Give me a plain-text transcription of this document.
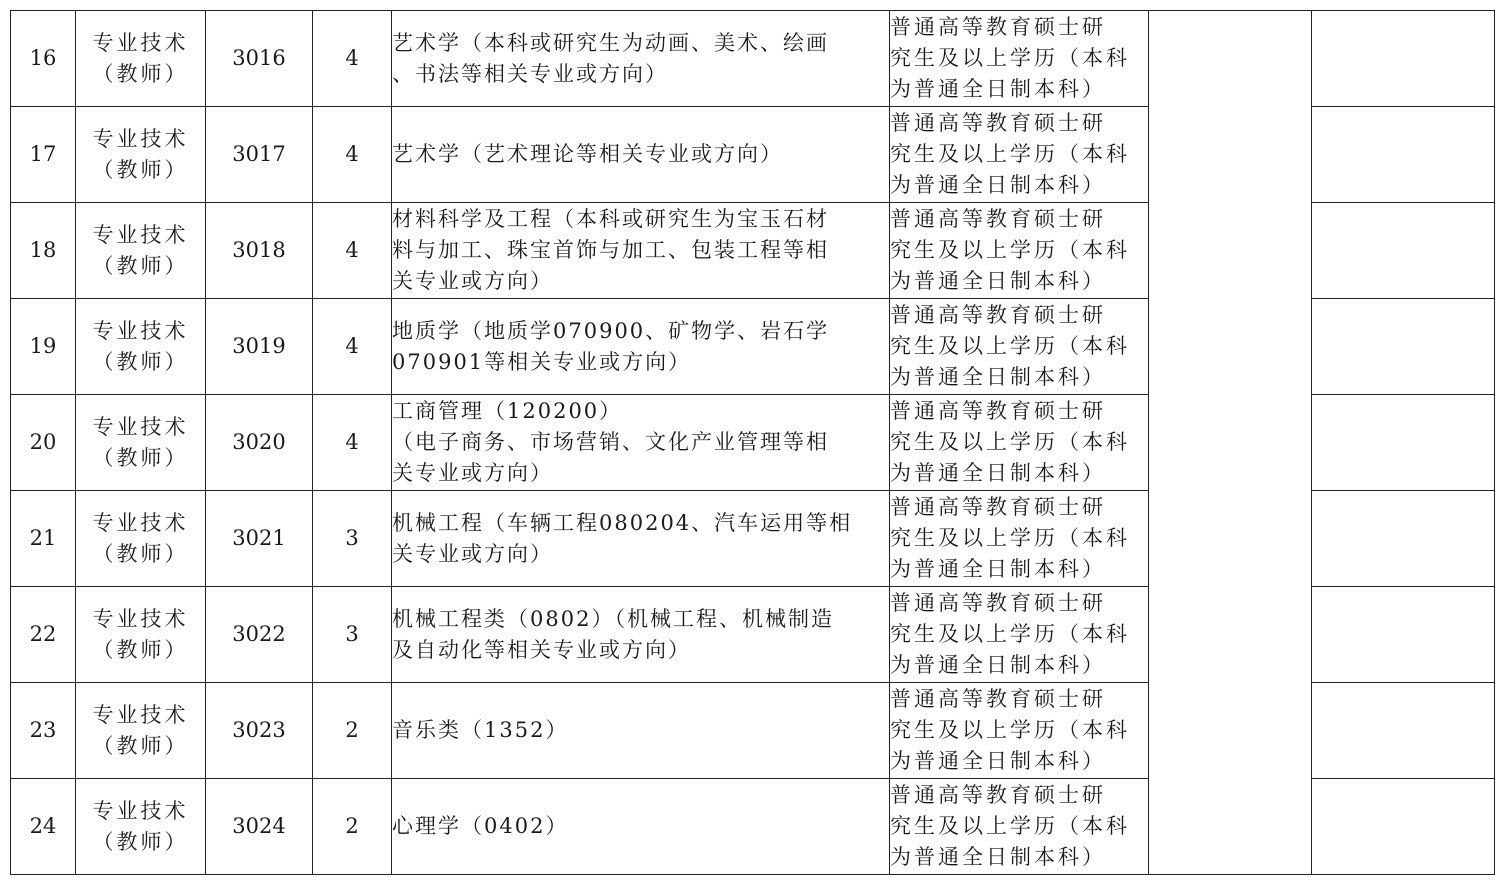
16	专业技术
（教师）	3016	4	艺术学（本科或研究生为动画、美术、绘画
、书法等相关专业或方向）	普通高等教育硕士研
究生及以上学历（本科
为普通全日制本科）		

17	专业技术
（教师）	3017	4	艺术学（艺术理论等相关专业或方向）	普通高等教育硕士研
究生及以上学历（本科
为普通全日制本科）		

18	专业技术
（教师）	3018	4	材料科学及工程（本科或研究生为宝玉石材
料与加工、珠宝首饰与加工、包装工程等相
关专业或方向）	普通高等教育硕士研
究生及以上学历（本科
为普通全日制本科）		

19	专业技术
（教师）	3019	4	地质学（地质学070900、矿物学、岩石学
070901等相关专业或方向）	普通高等教育硕士研
究生及以上学历（本科
为普通全日制本科）		

20	专业技术
（教师）	3020	4	工商管理（120200）
（电子商务、市场营销、文化产业管理等相
关专业或方向）	普通高等教育硕士研
究生及以上学历（本科
为普通全日制本科）		

21	专业技术
（教师）	3021	3	机械工程（车辆工程080204、汽车运用等相
关专业或方向）	普通高等教育硕士研
究生及以上学历（本科
为普通全日制本科）		

22	专业技术
（教师）	3022	3	机械工程类（0802）（机械工程、机械制造
及自动化等相关专业或方向）	普通高等教育硕士研
究生及以上学历（本科
为普通全日制本科）		

23	专业技术
（教师）	3023	2	音乐类（1352）	普通高等教育硕士研
究生及以上学历（本科
为普通全日制本科）		

24	专业技术
（教师）	3024	2	心理学（0402）	普通高等教育硕士研
究生及以上学历（本科
为普通全日制本科）		
